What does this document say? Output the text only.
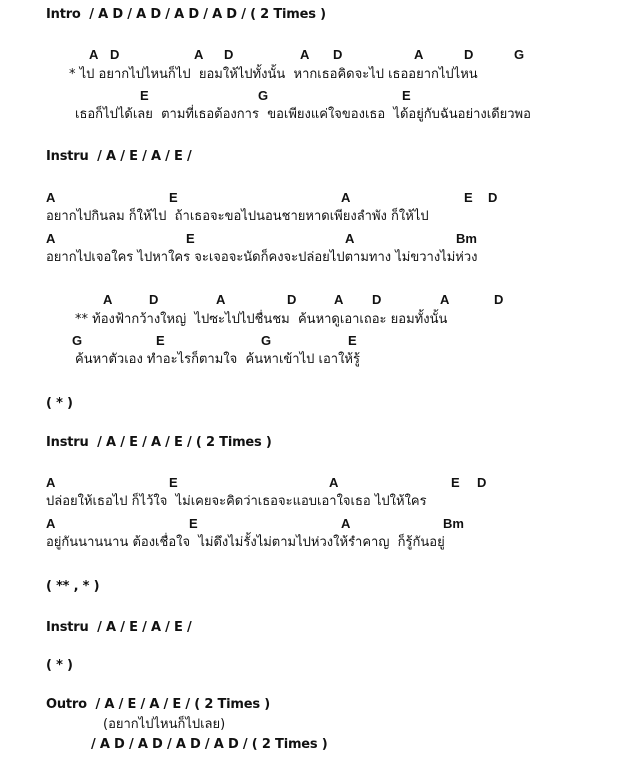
Intro  / A D / A D / A D / A D / ( 2 Times )
A D	A D	A D	A	D	G
* ไป อยากไปไหนก็ไป  ยอมให้ไปทั้งนั้น  หากเธอคิดจะไป เธออยากไปไหน
E	G	E
เธอก็ไปได้เลย  ตามที่เธอต้องการ  ขอเพียงแค่ใจของเธอ  ได้อยู่กับฉันอย่างเดียวพอ
Instru  / A / E / A / E /
A	E	A	E D
อยากไปกินลม ก็ให้ไป  ถ้าเธอจะขอไปนอนชายหาดเพียงลำพัง ก็ให้ไป
A	E	A	Bm
อยากไปเจอใคร ไปหาใคร จะเจอจะนัดก็คงจะปล่อยไปตามทาง ไม่ขวางไม่ห่วง
A	D	A	D	A D	A	D
** ท้องฟ้ากว้างใหญ่  ไปซะไปไปชื่นชม  ค้นหาดูเอาเถอะ ยอมทั้งนั้น
G	E	G	E
ค้นหาตัวเอง ทำอะไรก็ตามใจ  ค้นหาเข้าไป เอาให้รู้
( * )
Instru  / A / E / A / E / ( 2 Times )
A	E	A	E D
ปล่อยให้เธอไป ก็ไว้ใจ  ไม่เคยจะคิดว่าเธอจะแอบเอาใจเธอ ไปให้ใคร
A	E	A	Bm
อยู่กันนานนาน ต้องเชื่อใจ  ไม่ดึงไม่รั้งไม่ตามไปห่วงให้รำคาญ  ก็รู้กันอยู่
( ** , * )
Instru  / A / E / A / E /
( * )
Outro  / A / E / A / E / ( 2 Times )
(อยากไปไหนก็ไปเลย)
/ A D / A D / A D / A D / ( 2 Times )
